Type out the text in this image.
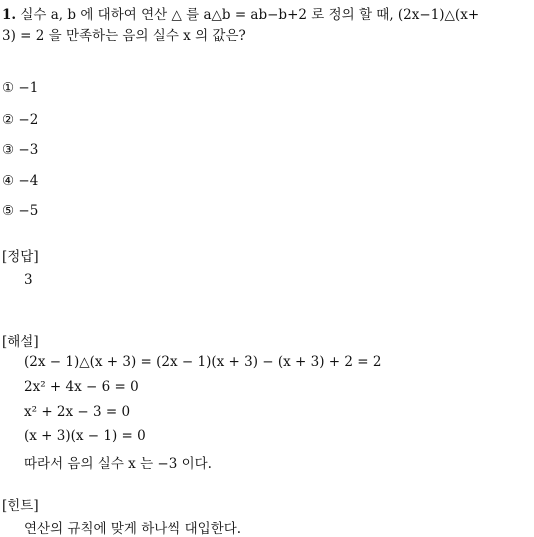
1. 실수 a, b 에 대하여 연산 △ 를 a△b = ab−b+2 로 정의 할 때, (2x−1)△(x+
3) = 2 을 만족하는 음의 실수 x 의 값은?
① −1
② −2
③ −3
④ −4
⑤ −5
[정답]
3
[해설]
(2x − 1)△(x + 3) = (2x − 1)(x + 3) − (x + 3) + 2 = 2
2x² + 4x − 6 = 0
x² + 2x − 3 = 0
(x + 3)(x − 1) = 0
따라서 음의 실수 x 는 −3 이다.
[힌트]
연산의 규칙에 맞게 하나씩 대입한다.
